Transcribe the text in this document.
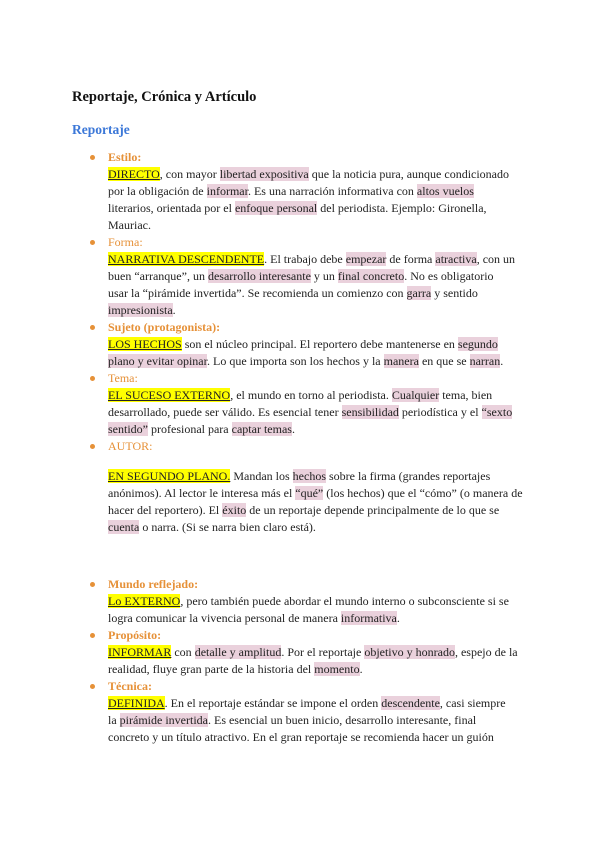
Reportaje, Crónica y Artículo
Reportaje
Estilo:
DIRECTO, con mayor libertad expositiva que la noticia pura, aunque condicionado
por la obligación de informar. Es una narración informativa con altos vuelos
literarios, orientada por el enfoque personal del periodista. Ejemplo: Gironella,
Mauriac.
Forma:
NARRATIVA DESCENDENTE. El trabajo debe empezar de forma atractiva, con un
buen “arranque”, un desarrollo interesante y un final concreto. No es obligatorio
usar la “pirámide invertida”. Se recomienda un comienzo con garra y sentido
impresionista.
Sujeto (protagonista):
LOS HECHOS son el núcleo principal. El reportero debe mantenerse en segundo
plano y evitar opinar. Lo que importa son los hechos y la manera en que se narran.
Tema:
EL SUCESO EXTERNO, el mundo en torno al periodista. Cualquier tema, bien
desarrollado, puede ser válido. Es esencial tener sensibilidad periodística y el “sexto
sentido” profesional para captar temas.
AUTOR:
EN SEGUNDO PLANO. Mandan los hechos sobre la firma (grandes reportajes
anónimos). Al lector le interesa más el “qué” (los hechos) que el “cómo” (o manera de
hacer del reportero). El éxito de un reportaje depende principalmente de lo que se
cuenta o narra. (Si se narra bien claro está).
Mundo reflejado:
Lo EXTERNO, pero también puede abordar el mundo interno o subconsciente si se
logra comunicar la vivencia personal de manera informativa.
Propósito:
INFORMAR con detalle y amplitud. Por el reportaje objetivo y honrado, espejo de la
realidad, fluye gran parte de la historia del momento.
Técnica:
DEFINIDA. En el reportaje estándar se impone el orden descendente, casi siempre
la pirámide invertida. Es esencial un buen inicio, desarrollo interesante, final
concreto y un título atractivo. En el gran reportaje se recomienda hacer un guión
